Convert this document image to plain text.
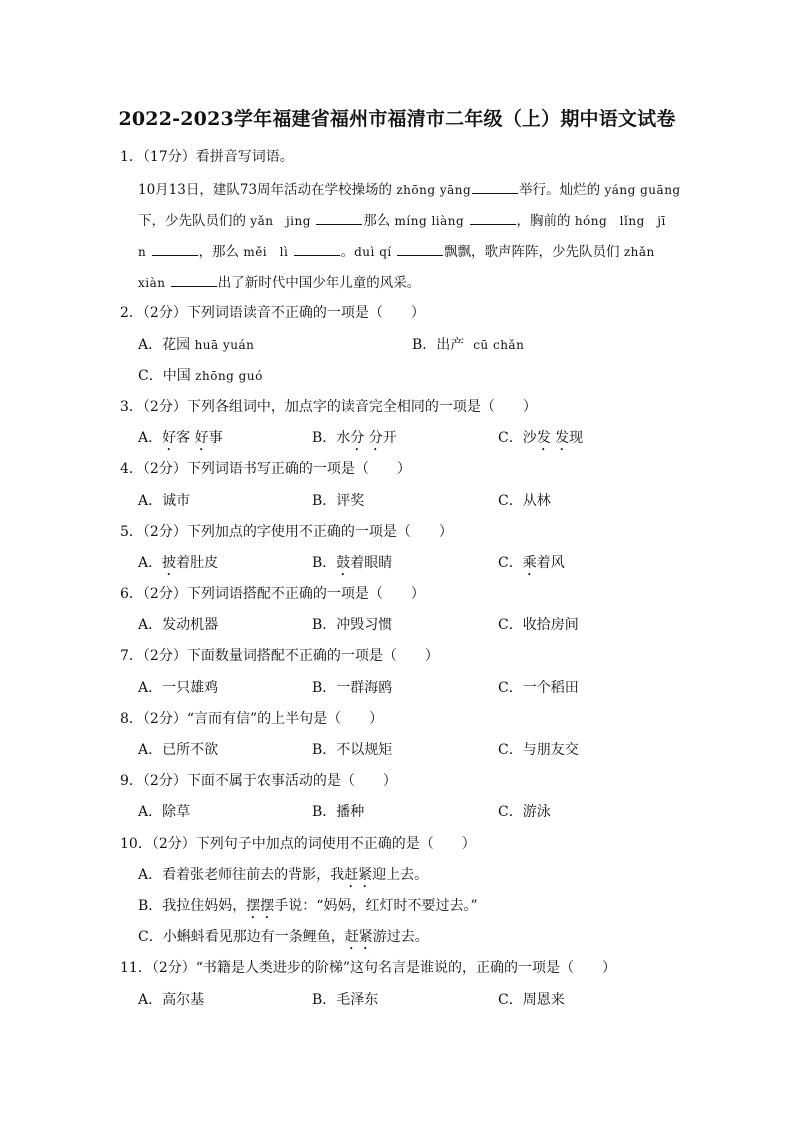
2022-2023学年福建省福州市福清市二年级（上）期中语文试卷
1．（17分）看拼音写词语。
10月13日，建队73周年活动在学校操场的 zhōng yāng	举行。灿烂的 yáng guāng
下，少先队员们的 yǎn　jing	那么 míng liàng	，胸前的 hóng　lǐng　jī
n	，那么 měi　lì	。duì qí	飘飘，歌声阵阵，少先队员们 zhǎn
xiàn	出了新时代中国少年儿童的风采。
2．（2分）下列词语读音不正确的一项是（　　）
A．花园 huā yuán	B．出产 cū chǎn
C．中国 zhōng guó
3．（2分）下列各组词中，加点字的读音完全相同的一项是（　　）
A．好客 好事	B．水分 分开	C．沙发 发现
4．（2分）下列词语书写正确的一项是（　　）
A．诚市	B．评奖	C．从林
5．（2分）下列加点的字使用不正确的一项是（　　）
A．披着肚皮	B．鼓着眼睛	C．乘着风
6．（2分）下列词语搭配不正确的一项是（　　）
A．发动机器	B．冲毁习惯	C．收拾房间
7．（2分）下面数量词搭配不正确的一项是（　　）
A．一只雄鸡	B．一群海鸥	C．一个稻田
8．（2分）“言而有信”的上半句是（　　）
A．已所不欲	B．不以规矩	C．与朋友交
9．（2分）下面不属于农事活动的是（　　）
A．除草	B．播种	C．游泳
10．（2分）下列句子中加点的词使用不正确的是（　　）
A．看着张老师往前去的背影，我赶紧迎上去。
B．我拉住妈妈，摆摆手说：“妈妈，红灯时不要过去。”
C．小蝌蚪看见那边有一条鲤鱼，赶紧游过去。
11．（2分）“书籍是人类进步的阶梯”这句名言是谁说的，正确的一项是（　　）
A．高尔基	B．毛泽东	C．周恩来
